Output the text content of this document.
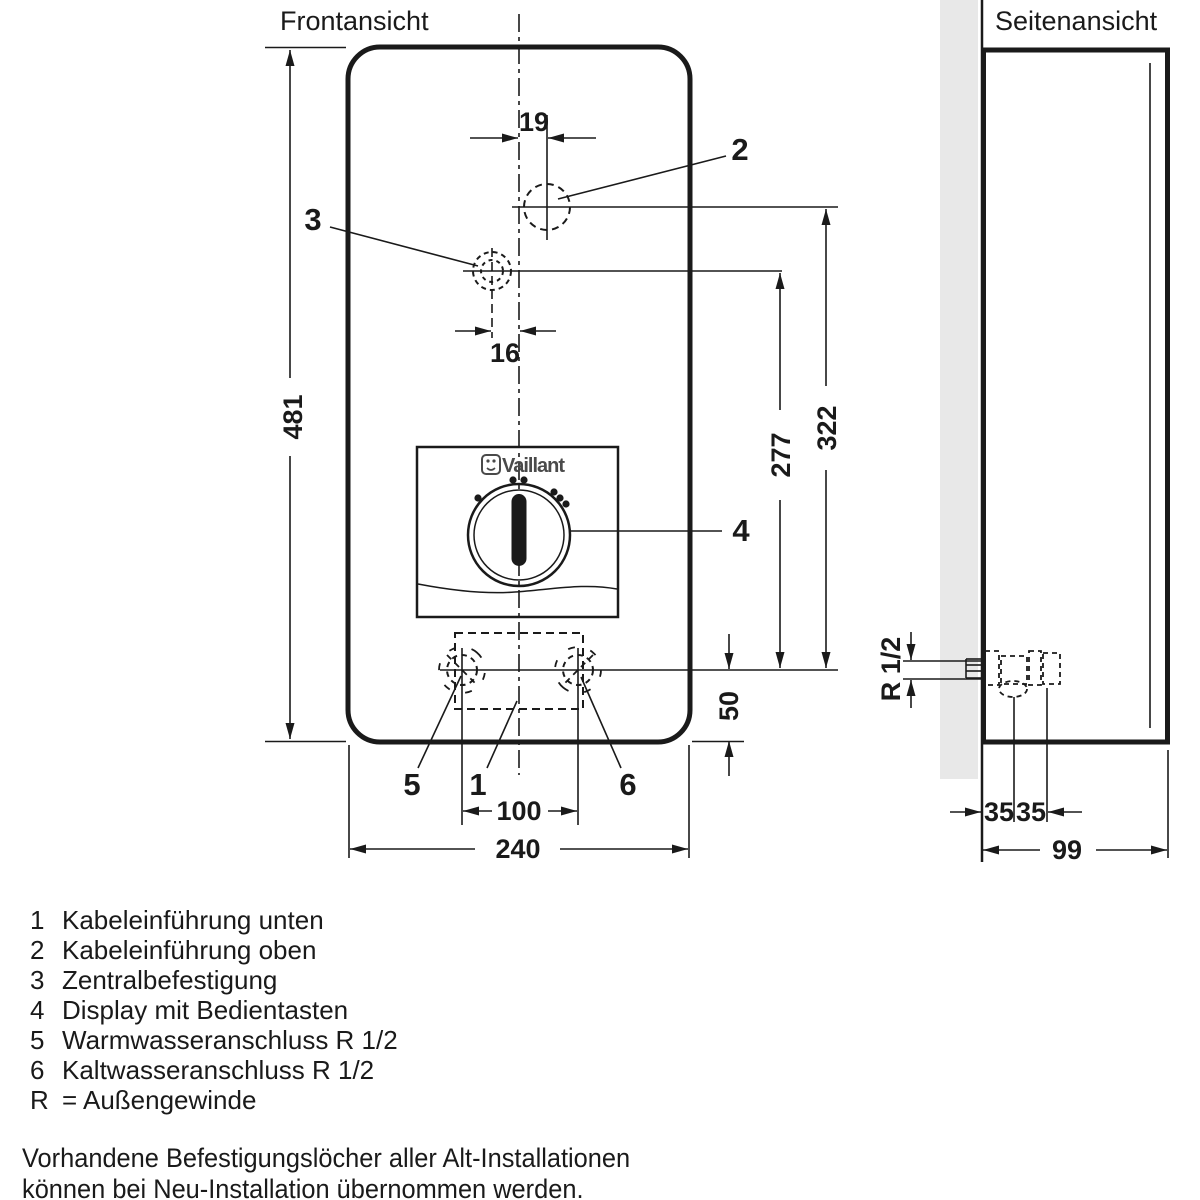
Frontansicht	Seitenansicht
Vaillant
19
16
481	322
277
50
100
240
R 1/2
35 35
99
2
3
4
5 1	6
1 Kabeleinführung unten
2 Kabeleinführung oben
3 Zentralbefestigung
4 Display mit Bedientasten
5 Warmwasseranschluss R 1/2
6 Kaltwasseranschluss R 1/2
R = Außengewinde
Vorhandene Befestigungslöcher aller Alt-Installationen
können bei Neu-Installation übernommen werden.
